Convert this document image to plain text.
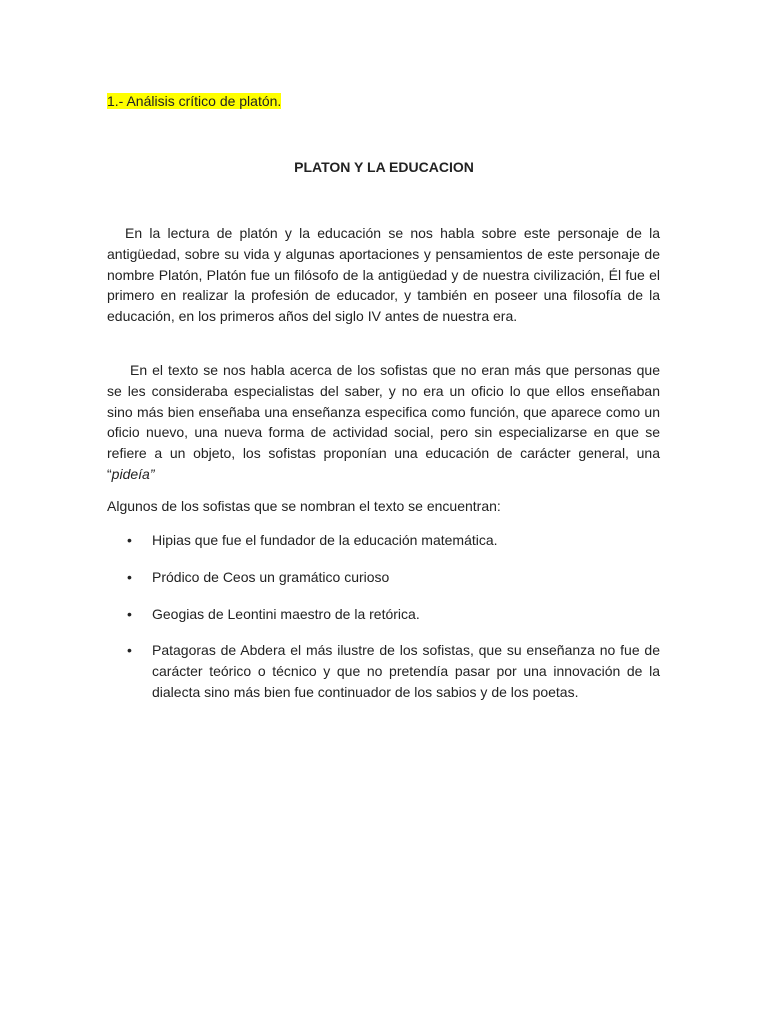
1.- Análisis crítico de platón.
PLATON Y LA EDUCACION

En la lectura de platón y la educación se nos habla sobre este personaje de la antigüedad, sobre su vida y algunas aportaciones y pensamientos de este personaje de nombre Platón, Platón fue un filósofo de la antigüedad y de nuestra civilización, Él fue el primero en realizar la profesión de educador, y también en poseer una filosofía de la educación, en los primeros años del siglo IV antes de nuestra era.

En el texto se nos habla acerca de los sofistas que no eran más que personas que se les consideraba especialistas del saber, y no era un oficio lo que ellos enseñaban sino más bien enseñaba una enseñanza especifica como función, que aparece como un oficio nuevo, una nueva forma de actividad social, pero sin especializarse en que se refiere a un objeto, los sofistas proponían una educación de carácter general, una “pideía”

Algunos de los sofistas que se nombran el texto se encuentran:

• Hipias que fue el fundador de la educación matemática.
• Pródico de Ceos un gramático curioso
• Geogias de Leontini maestro de la retórica.
• Patagoras de Abdera el más ilustre de los sofistas, que su enseñanza no fue de carácter teórico o técnico y que no pretendía pasar por una innovación de la dialecta sino más bien fue continuador de los sabios y de los poetas.
